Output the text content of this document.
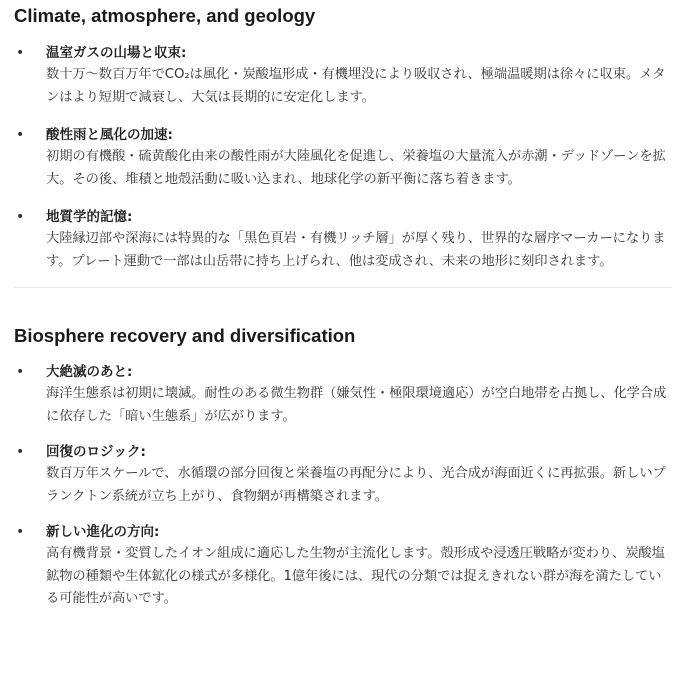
Climate, atmosphere, and geology
• 温室ガスの山場と収束:
数十万〜数百万年でCO₂は風化・炭酸塩形成・有機埋没により吸収され、極端温暖期は徐々に収束。メタンはより短期で減衰し、大気は長期的に安定化します。
• 酸性雨と風化の加速:
初期の有機酸・硫黄酸化由来の酸性雨が大陸風化を促進し、栄養塩の大量流入が赤潮・デッドゾーンを拡大。その後、堆積と地殻活動に吸い込まれ、地球化学の新平衡に落ち着きます。
• 地質学的記憶:
大陸縁辺部や深海には特異的な「黒色頁岩・有機リッチ層」が厚く残り、世界的な層序マーカーになります。プレート運動で一部は山岳帯に持ち上げられ、他は変成され、未来の地形に刻印されます。
Biosphere recovery and diversification
• 大絶滅のあと:
海洋生態系は初期に壊滅。耐性のある微生物群（嫌気性・極限環境適応）が空白地帯を占拠し、化学合成に依存した「暗い生態系」が広がります。
• 回復のロジック:
数百万年スケールで、水循環の部分回復と栄養塩の再配分により、光合成が海面近くに再拡張。新しいプランクトン系統が立ち上がり、食物網が再構築されます。
• 新しい進化の方向:
高有機背景・変質したイオン組成に適応した生物が主流化します。殻形成や浸透圧戦略が変わり、炭酸塩鉱物の種類や生体鉱化の様式が多様化。1億年後には、現代の分類では捉えきれない群が海を満たしている可能性が高いです。
